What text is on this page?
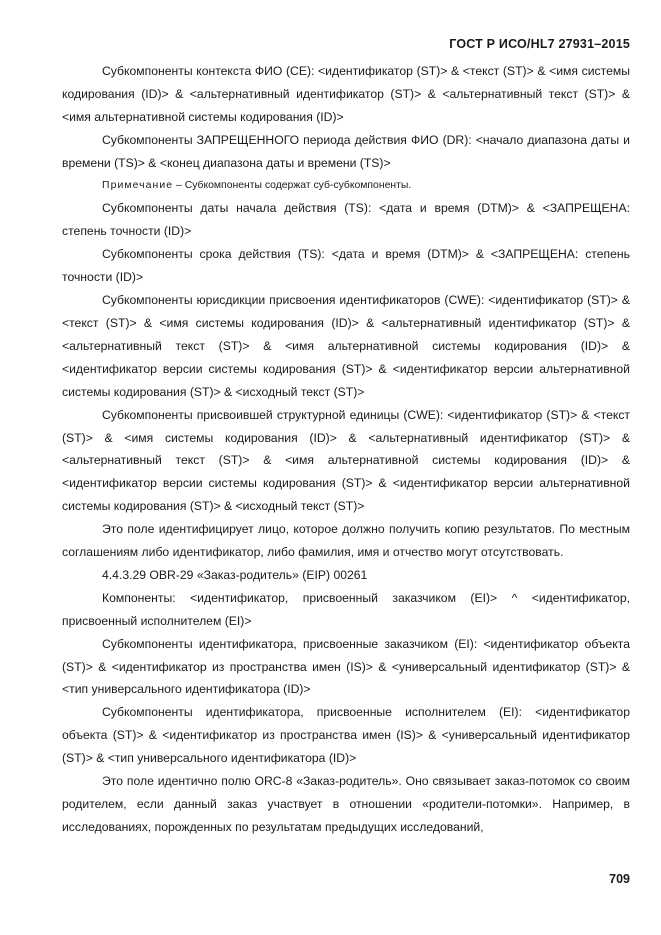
ГОСТ Р ИСО/HL7 27931–2015

Субкомпоненты контекста ФИО (CE): <идентификатор (ST)> & <текст (ST)> & <имя системы кодирования (ID)> & <альтернативный идентификатор (ST)> & <альтернативный текст (ST)> & <имя альтернативной системы кодирования (ID)>

Субкомпоненты ЗАПРЕЩЕННОГО периода действия ФИО (DR): <начало диапазона даты и времени (TS)> & <конец диапазона даты и времени (TS)>

Примечание – Субкомпоненты содержат суб-субкомпоненты.

Субкомпоненты даты начала действия (TS): <дата и время (DTM)> & <ЗАПРЕЩЕНА: степень точности (ID)>

Субкомпоненты срока действия (TS): <дата и время (DTM)> & <ЗАПРЕЩЕНА: степень точности (ID)>

Субкомпоненты юрисдикции присвоения идентификаторов (CWE): <идентификатор (ST)> & <текст (ST)> & <имя системы кодирования (ID)> & <альтернативный идентификатор (ST)> & <альтернативный текст (ST)> & <имя альтернативной системы кодирования (ID)> & <идентификатор версии системы кодирования (ST)> & <идентификатор версии альтернативной системы кодирования (ST)> & <исходный текст (ST)>

Субкомпоненты присвоившей структурной единицы (CWE): <идентификатор (ST)> & <текст (ST)> & <имя системы кодирования (ID)> & <альтернативный идентификатор (ST)> & <альтернативный текст (ST)> & <имя альтернативной системы кодирования (ID)> & <идентификатор версии системы кодирования (ST)> & <идентификатор версии альтернативной системы кодирования (ST)> & <исходный текст (ST)>

Это поле идентифицирует лицо, которое должно получить копию результатов. По местным соглашениям либо идентификатор, либо фамилия, имя и отчество могут отсутствовать.

4.4.3.29 OBR-29 «Заказ-родитель» (EIP) 00261

Компоненты: <идентификатор, присвоенный заказчиком (EI)> ^ <идентификатор, присвоенный исполнителем (EI)>

Субкомпоненты идентификатора, присвоенные заказчиком (EI): <идентификатор объекта (ST)> & <идентификатор из пространства имен (IS)> & <универсальный идентификатор (ST)> & <тип универсального идентификатора (ID)>

Субкомпоненты идентификатора, присвоенные исполнителем (EI): <идентификатор объекта (ST)> & <идентификатор из пространства имен (IS)> & <универсальный идентификатор (ST)> & <тип универсального идентификатора (ID)>

Это поле идентично полю ORC-8 «Заказ-родитель». Оно связывает заказ-потомок со своим родителем, если данный заказ участвует в отношении «родители-потомки». Например, в исследованиях, порожденных по результатам предыдущих исследований,

709
